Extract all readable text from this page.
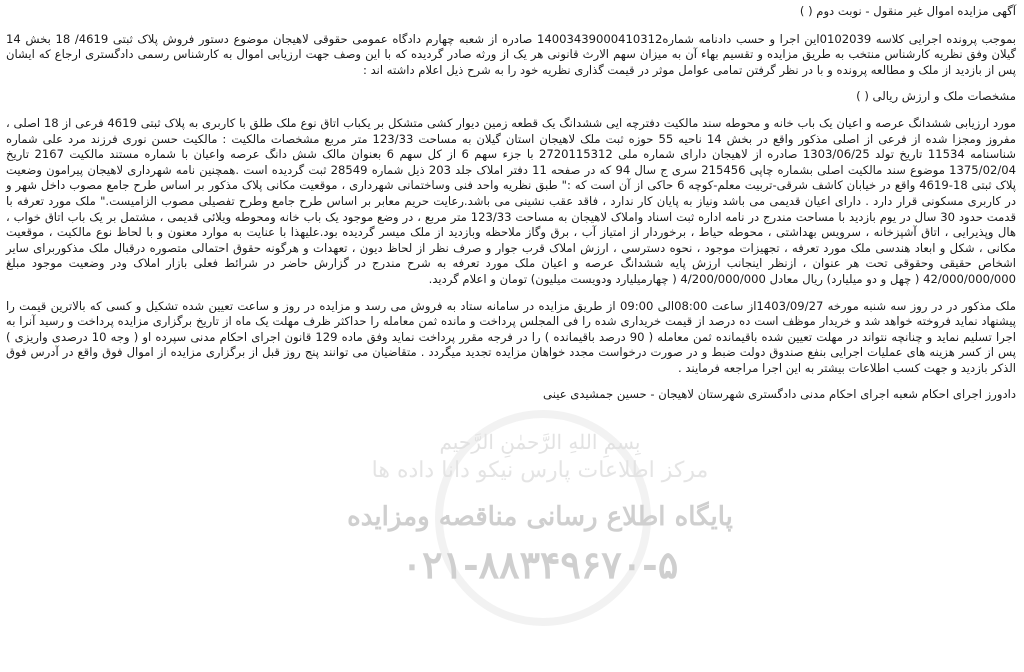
بِسمِ اللهِ الرَّحمٰنِ الرَّحیم
مرکز اطلاعات پارس نیکو دانا داده ها
پایگاه اطلاع رسانی مناقصه ومزایده
۰۲۱-۸۸۳۴۹۶۷۰-۵

آگهی مزایده اموال غیر منقول - نوبت دوم ( )

بموجب پرونده اجرایی کلاسه 0102039این اجرا و حسب دادنامه شماره14003439000410312 صادره از شعبه چهارم دادگاه عمومی حقوقی لاهیجان موضوع دستور فروش پلاک ثبتی 4619/ 18 بخش 14 گیلان وفق نظریه کارشناس منتخب به طریق مزایده و تقسیم بهاء آن به میزان سهم الارث قانونی هر یک از ورثه صادر گردیده که با این وصف جهت ارزیابی اموال به کارشناس رسمی دادگستری ارجاع که ایشان پس از بازدید از ملک و مطالعه پرونده و با در نظر گرفتن تمامی عوامل موثر در قیمت گذاری نظریه خود را به شرح ذیل اعلام داشته اند :

مشخصات ملک و ارزش ریالی ( )

مورد ارزیابی ششدانگ عرصه و اعیان یک باب خانه و محوطه سند مالکیت دفترچه ایی ششدانگ یک قطعه زمین دیوار کشی متشکل بر یکباب اتاق نوع ملک طلق با کاربری به پلاک ثبتی 4619 فرعی از 18 اصلی ، مفروز ومجزا شده از فرعی از اصلی مذکور واقع در بخش 14 ناحیه 55 حوزه ثبت ملک لاهیجان استان گیلان به مساحت 123/33 متر مربع مشخصات مالکیت : مالکیت حسن نوری فرزند مرد علی شماره شناسنامه 11534 تاریخ تولد 1303/06/25 صادره از لاهیجان دارای شماره ملی 2720115312 با جزء سهم 6 از کل سهم 6 بعنوان مالک شش دانگ عرصه واعیان با شماره مستند مالکیت 2167 تاریخ 1375/02/04 موضوع سند مالکیت اصلی بشماره چاپی 215456 سری ج سال 94 که در صفحه 11 دفتر املاک جلد 203 ذیل شماره 28549 ثبت گردیده است .همچنین نامه شهرداری لاهیجان پیرامون وضعیت پلاک ثبتی 18-4619 واقع در خیابان کاشف شرقی-تربیت معلم-کوچه 6 حاکی از آن است که :" طبق نظریه واحد فنی وساختمانی شهرداری ، موقعیت مکانی پلاک مذکور بر اساس طرح جامع مصوب داخل شهر و در کاربری مسکونی قرار دارد . دارای اعیان قدیمی می باشد ونیاز به پایان کار ندارد ، فاقد عقب نشینی می باشد.رعایت حریم معابر بر اساس طرح جامع وطرح تفصیلی مصوب الزامیست." ملک مورد تعرفه با قدمت حدود 30 سال در یوم بازدید با مساحت مندرج در نامه اداره ثبت اسناد واملاک لاهیجان به مساحت 123/33 متر مربع ، در وضع موجود یک باب خانه ومحوطه ویلائی قدیمی ، مشتمل بر یک باب اتاق خواب ، هال وپذیرایی ، اتاق آشپزخانه ، سرویس بهداشتی ، محوطه حیاط ، برخوردار از امتیاز آب ، برق وگاز ملاحظه وبازدید از ملک میسر گردیده بود.علیهذا با عنایت به موارد معنون و با لحاظ نوع مالکیت ، موقعیت مکانی ، شکل و ابعاد هندسی ملک مورد تعرفه ، تجهیزات موجود ، نحوه دسترسی ، ارزش املاک قرب جوار و صرف نظر از لحاظ دیون ، تعهدات و هرگونه حقوق احتمالی متصوره درقبال ملک مذکوربرای سایر اشخاص حقیقی وحقوقی تحت هر عنوان ، ازنظر اینجانب ارزش پایه ششدانگ عرصه و اعیان ملک مورد تعرفه به شرح مندرج در گزارش حاضر در شرائط فعلی بازار املاک ودر وضعیت موجود مبلغ 42/000/000/000 ( چهل و دو میلیارد) ریال معادل 4/200/000/000 ( چهارمیلیارد ودویست میلیون) تومان و اعلام گردید.

ملک مذکور در در روز سه شنبه مورخه 1403/09/27از ساعت 08:00الی 09:00 از طریق مزایده در سامانه ستاد به فروش می رسد و مزایده در روز و ساعت تعیین شده تشکیل و کسی که بالاترین قیمت را پیشنهاد نماید فروخته خواهد شد و خریدار موظف است ده درصد از قیمت خریداری شده را فی المجلس پرداخت و مانده ثمن معامله را حداکثر ظرف مهلت یک ماه از تاریخ برگزاری مزایده پرداخت و رسید آنرا به اجرا تسلیم نماید و چنانچه نتواند در مهلت تعیین شده باقیمانده ثمن معامله ( 90 درصد باقیمانده ) را در فرجه مقرر پرداخت نماید وفق ماده 129 قانون اجرای احکام مدنی سپرده او ( وجه 10 درصدی واریزی ) پس از کسر هزینه های عملیات اجرایی بنفع صندوق دولت ضبط و در صورت درخواست مجدد خواهان مزایده تجدید میگردد . متقاضیان می توانند پنج روز قبل از برگزاری مزایده از اموال فوق واقع در آدرس فوق الذکر بازدید و جهت کسب اطلاعات بیشتر به این اجرا مراجعه فرمایند .

دادورز اجرای احکام شعبه اجرای احکام مدنی دادگستری شهرستان لاهیجان - حسین جمشیدی عینی
